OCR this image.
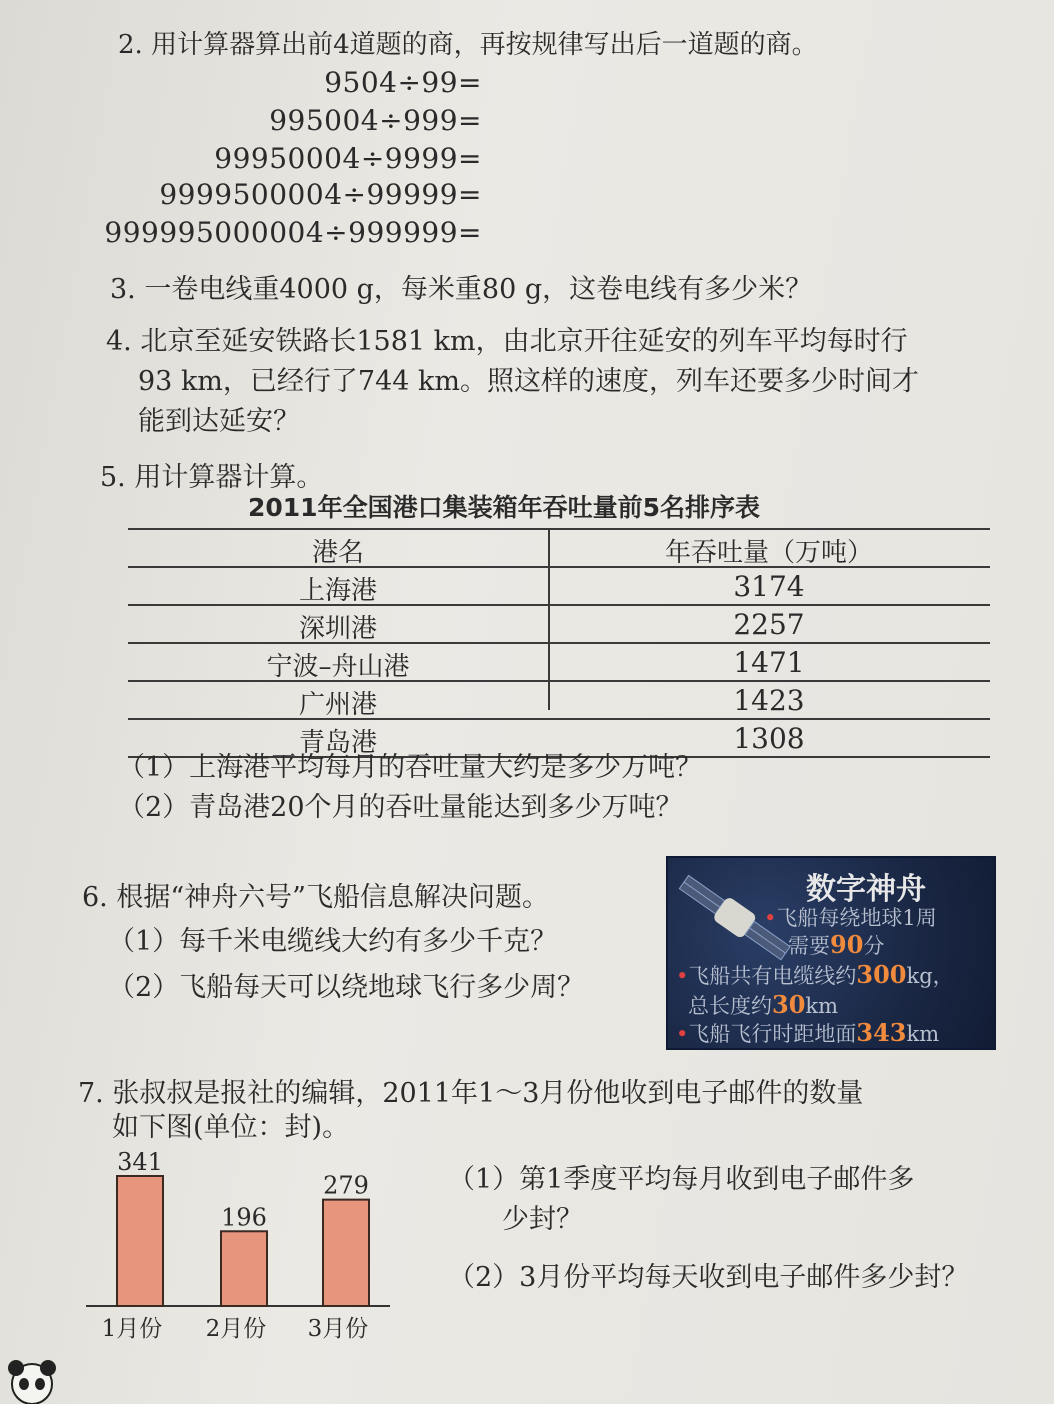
2. 用计算器算出前4道题的商，再按规律写出后一道题的商。
9504÷99=
995004÷999=
99950004÷9999=
9999500004÷99999=
999995000004÷999999=
3. 一卷电线重4000 g，每米重80 g，这卷电线有多少米？
4. 北京至延安铁路长1581 km，由北京开往延安的列车平均每时行
93 km，已经行了744 km。照这样的速度，列车还要多少时间才
能到达延安？
5. 用计算器计算。
2011年全国港口集装箱年吞吐量前5名排序表
港名	年吞吐量（万吨）
上海港	3174
深圳港	2257
宁波–舟山港	1471
广州港	1423
青岛港	1308
（1）上海港平均每月的吞吐量大约是多少万吨？
（2）青岛港20个月的吞吐量能达到多少万吨？
6. 根据“神舟六号”飞船信息解决问题。
（1）每千米电缆线大约有多少千克？
（2）飞船每天可以绕地球飞行多少周？
数字神舟
•飞船每绕地球1周
需要90分
•飞船共有电缆线约300kg，
总长度约30km
•飞船飞行时距地面343km
7. 张叔叔是报社的编辑，2011年1～3月份他收到电子邮件的数量
如下图(单位：封)。
341
196
279
1月份 2月份 3月份
（1）第1季度平均每月收到电子邮件多
少封？
（2）3月份平均每天收到电子邮件多少封？
